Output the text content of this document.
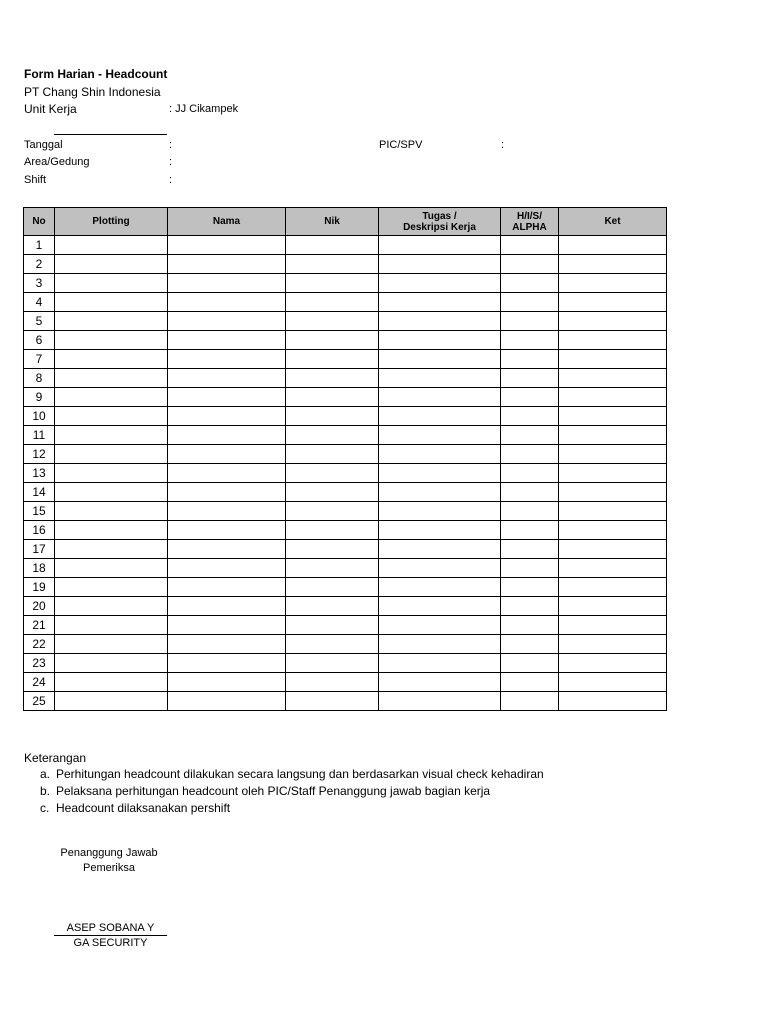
Form Harian - Headcount
PT Chang Shin Indonesia
Unit Kerja	: JJ Cikampek
Tanggal	:
Area/Gedung	:
Shift	:
PIC/SPV	:
No	Plotting	Nama	Nik	Tugas /
Deskripsi Kerja	H/I/S/
ALPHA	Ket
1						
2						
3						
4						
5						
6						
7						
8						
9						
10						
11						
12						
13						
14						
15						
16						
17						
18						
19						
20						
21						
22						
23						
24						
25						
Keterangan
a. Perhitungan headcount dilakukan secara langsung dan berdasarkan visual check kehadiran
b. Pelaksana perhitungan headcount oleh PIC/Staff Penanggung jawab bagian kerja
c. Headcount dilaksanakan pershift
Penanggung Jawab
Pemeriksa
ASEP SOBANA Y
GA SECURITY
